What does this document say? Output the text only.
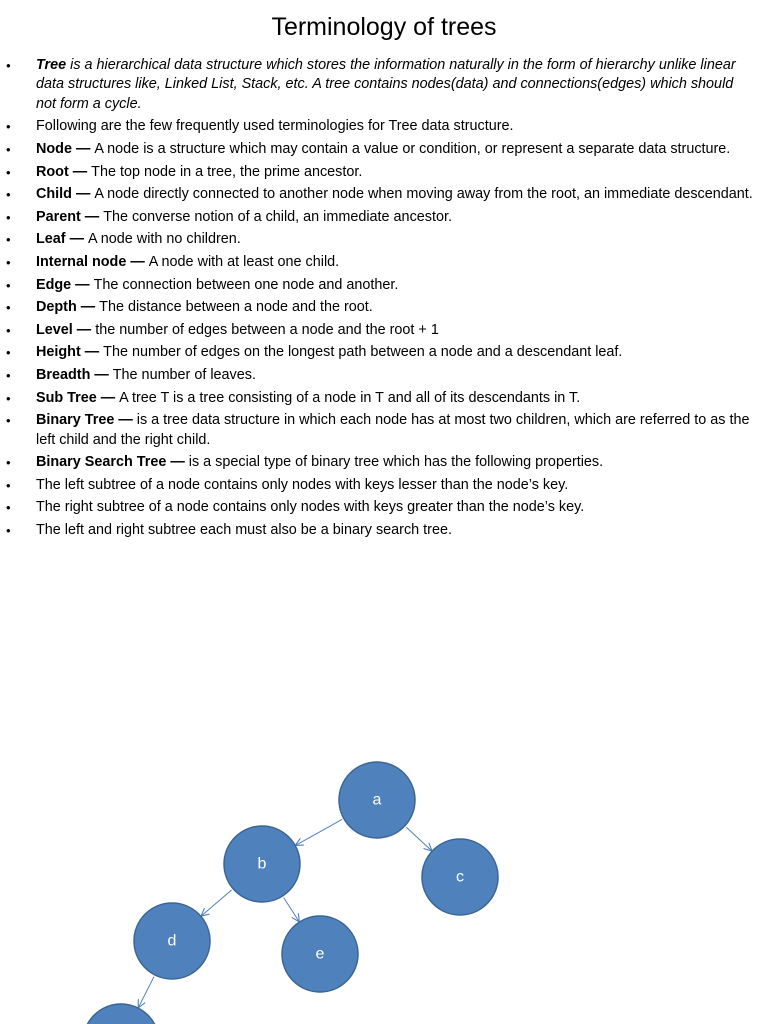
Terminology of trees
• Tree is a hierarchical data structure which stores the information naturally in the form of hierarchy unlike linear data structures like, Linked List, Stack, etc. A tree contains nodes(data) and connections(edges) which should not form a cycle.
• Following are the few frequently used terminologies for Tree data structure.
• Node — A node is a structure which may contain a value or condition, or represent a separate data structure.
• Root — The top node in a tree, the prime ancestor.
• Child — A node directly connected to another node when moving away from the root, an immediate descendant.
• Parent — The converse notion of a child, an immediate ancestor.
• Leaf — A node with no children.
• Internal node — A node with at least one child.
• Edge — The connection between one node and another.
• Depth — The distance between a node and the root.
• Level — the number of edges between a node and the root + 1
• Height — The number of edges on the longest path between a node and a descendant leaf.
• Breadth — The number of leaves.
• Sub Tree — A tree T is a tree consisting of a node in T and all of its descendants in T.
• Binary Tree — is a tree data structure in which each node has at most two children, which are referred to as the left child and the right child.
• Binary Search Tree — is a special type of binary tree which has the following properties.
• The left subtree of a node contains only nodes with keys lesser than the node’s key.
• The right subtree of a node contains only nodes with keys greater than the node’s key.
• The left and right subtree each must also be a binary search tree.
a
b
c
d
e
